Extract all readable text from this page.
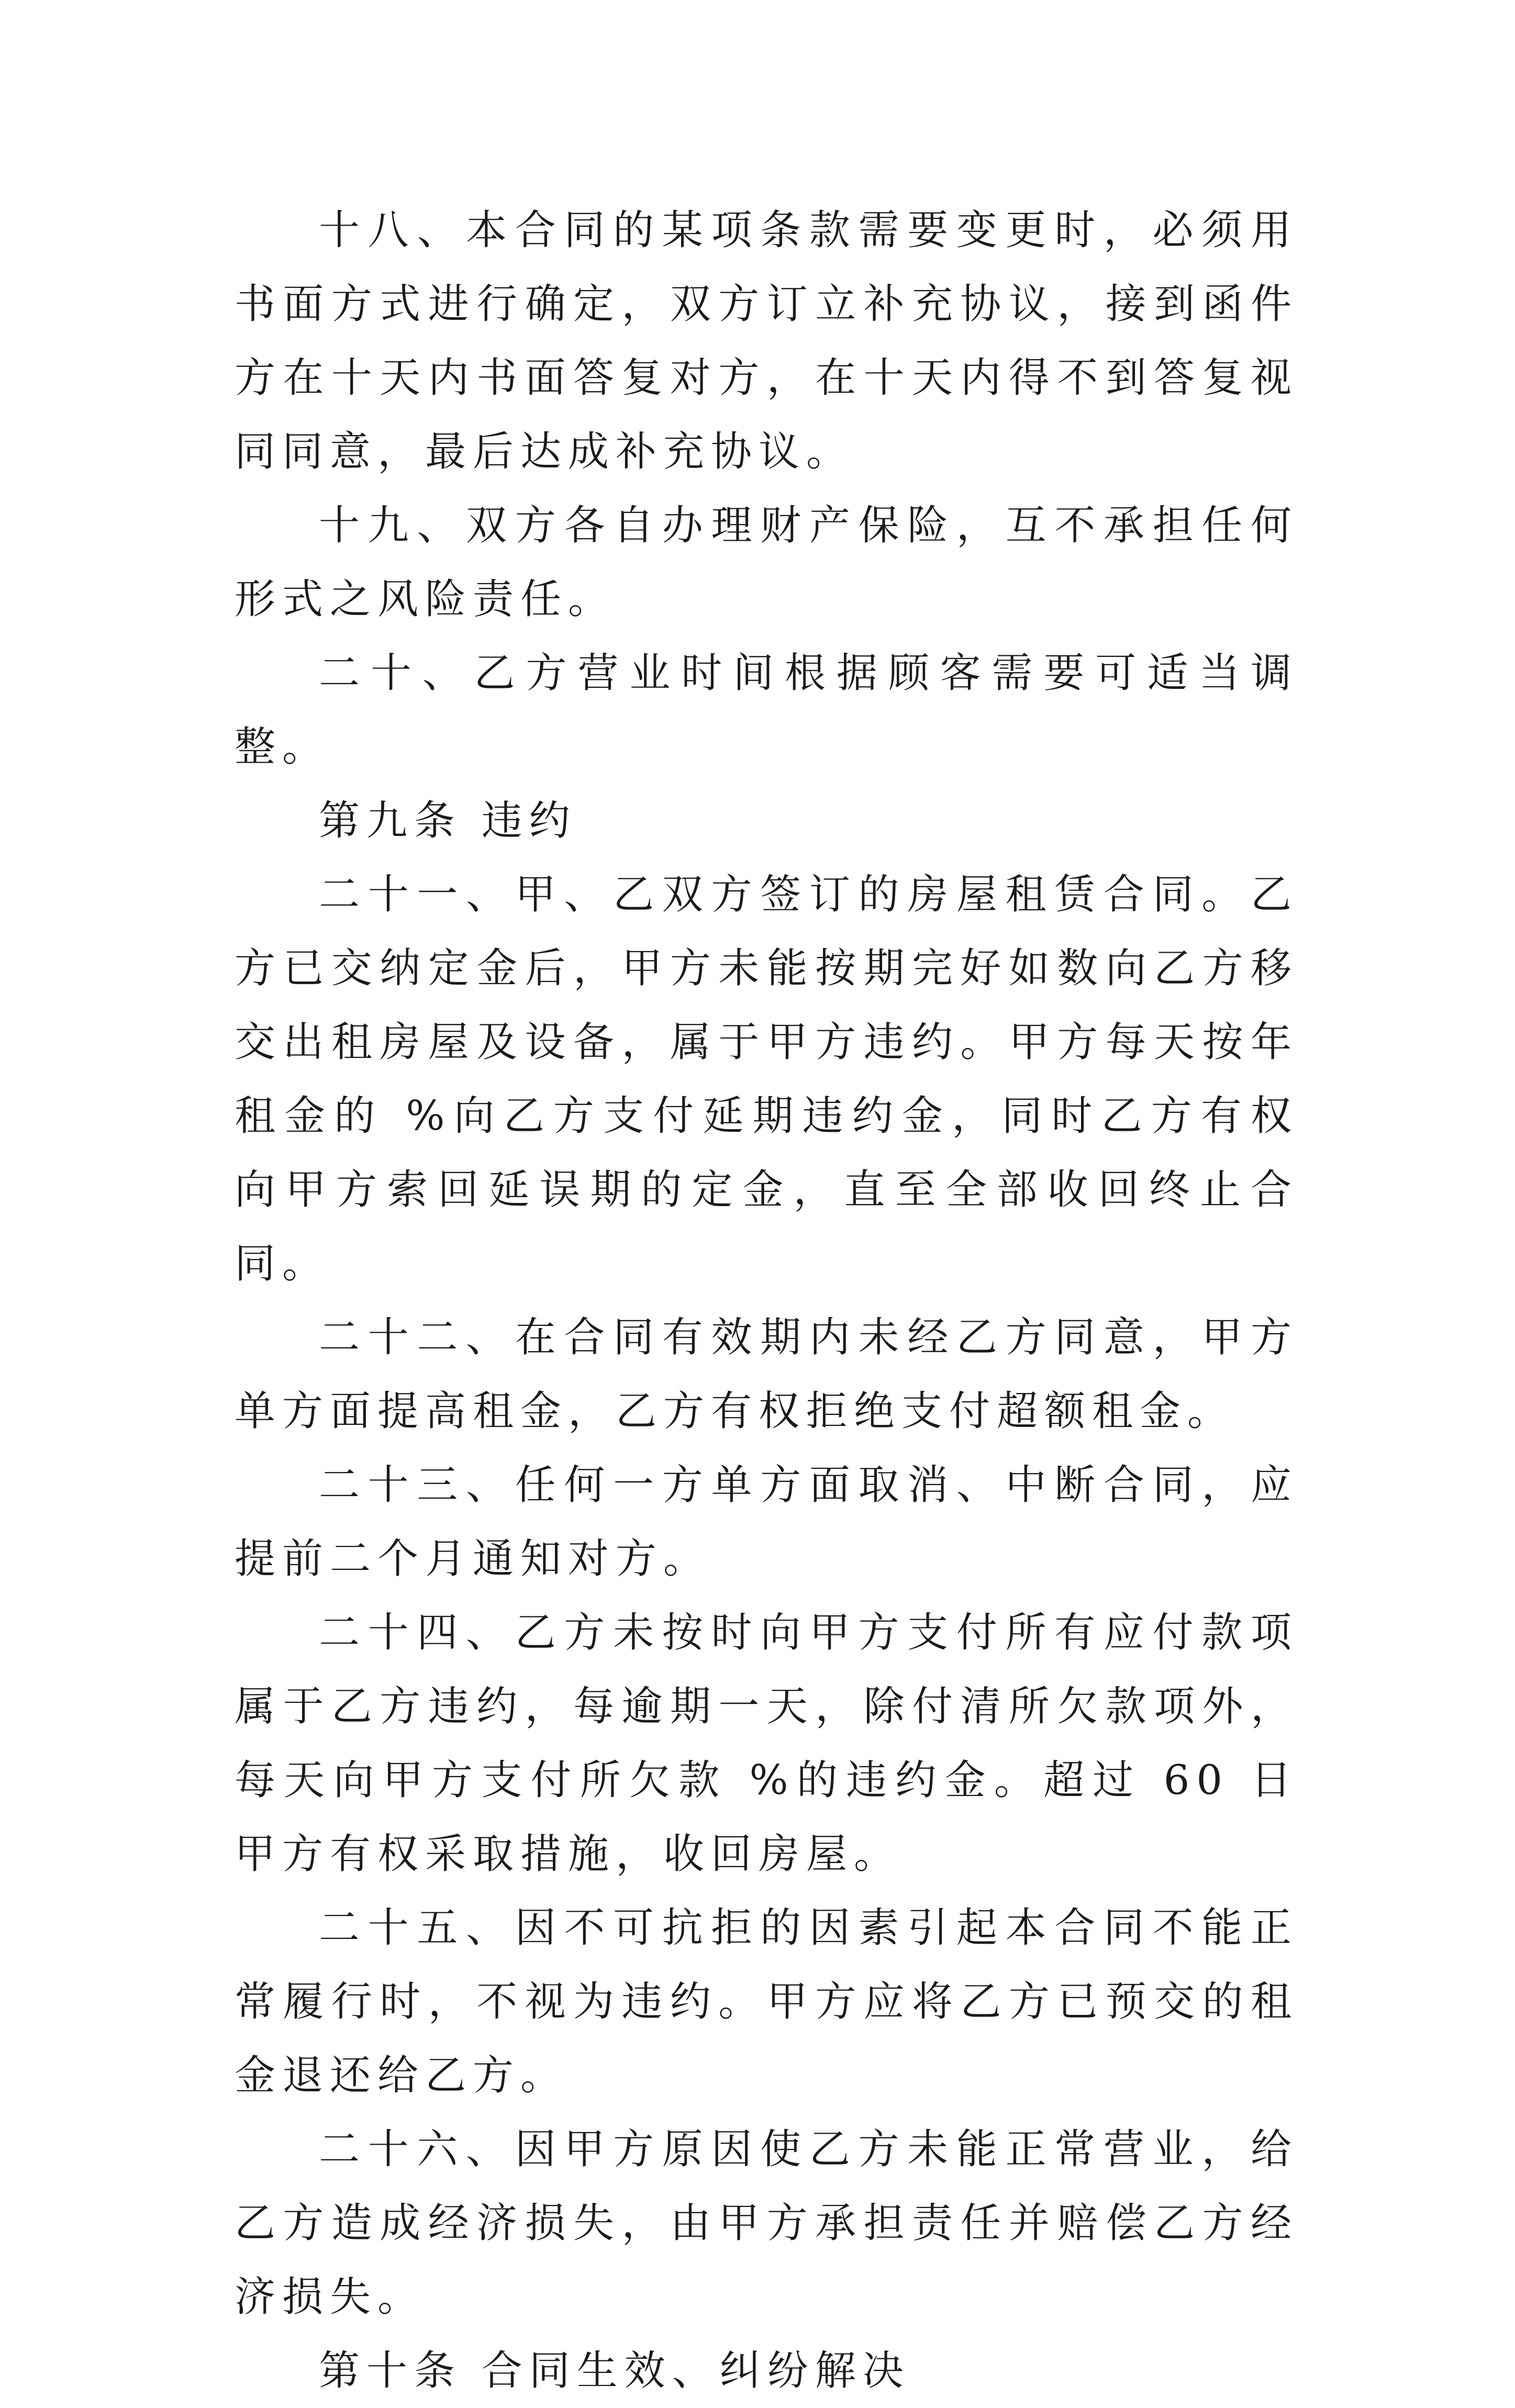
十八、本合同的某项条款需要变更时，必须用书面方式进行确定，双方订立补充协议，接到函件方在十天内书面答复对方，在十天内得不到答复视同同意，最后达成补充协议。

十九、双方各自办理财产保险，互不承担任何形式之风险责任。

二十、乙方营业时间根据顾客需要可适当调整。

第九条 违约

二十一、甲、乙双方签订的房屋租赁合同。乙方已交纳定金后，甲方未能按期完好如数向乙方移交出租房屋及设备，属于甲方违约。甲方每天按年租金的 %向乙方支付延期违约金，同时乙方有权向甲方索回延误期的定金，直至全部收回终止合同。

二十二、在合同有效期内未经乙方同意，甲方单方面提高租金，乙方有权拒绝支付超额租金。

二十三、任何一方单方面取消、中断合同，应提前二个月通知对方。

二十四、乙方未按时向甲方支付所有应付款项属于乙方违约，每逾期一天，除付清所欠款项外，每天向甲方支付所欠款 %的违约金。超过 60 日甲方有权采取措施，收回房屋。

二十五、因不可抗拒的因素引起本合同不能正常履行时，不视为违约。甲方应将乙方已预交的租金退还给乙方。

二十六、因甲方原因使乙方未能正常营业，给乙方造成经济损失，由甲方承担责任并赔偿乙方经济损失。

第十条 合同生效、纠纷解决
